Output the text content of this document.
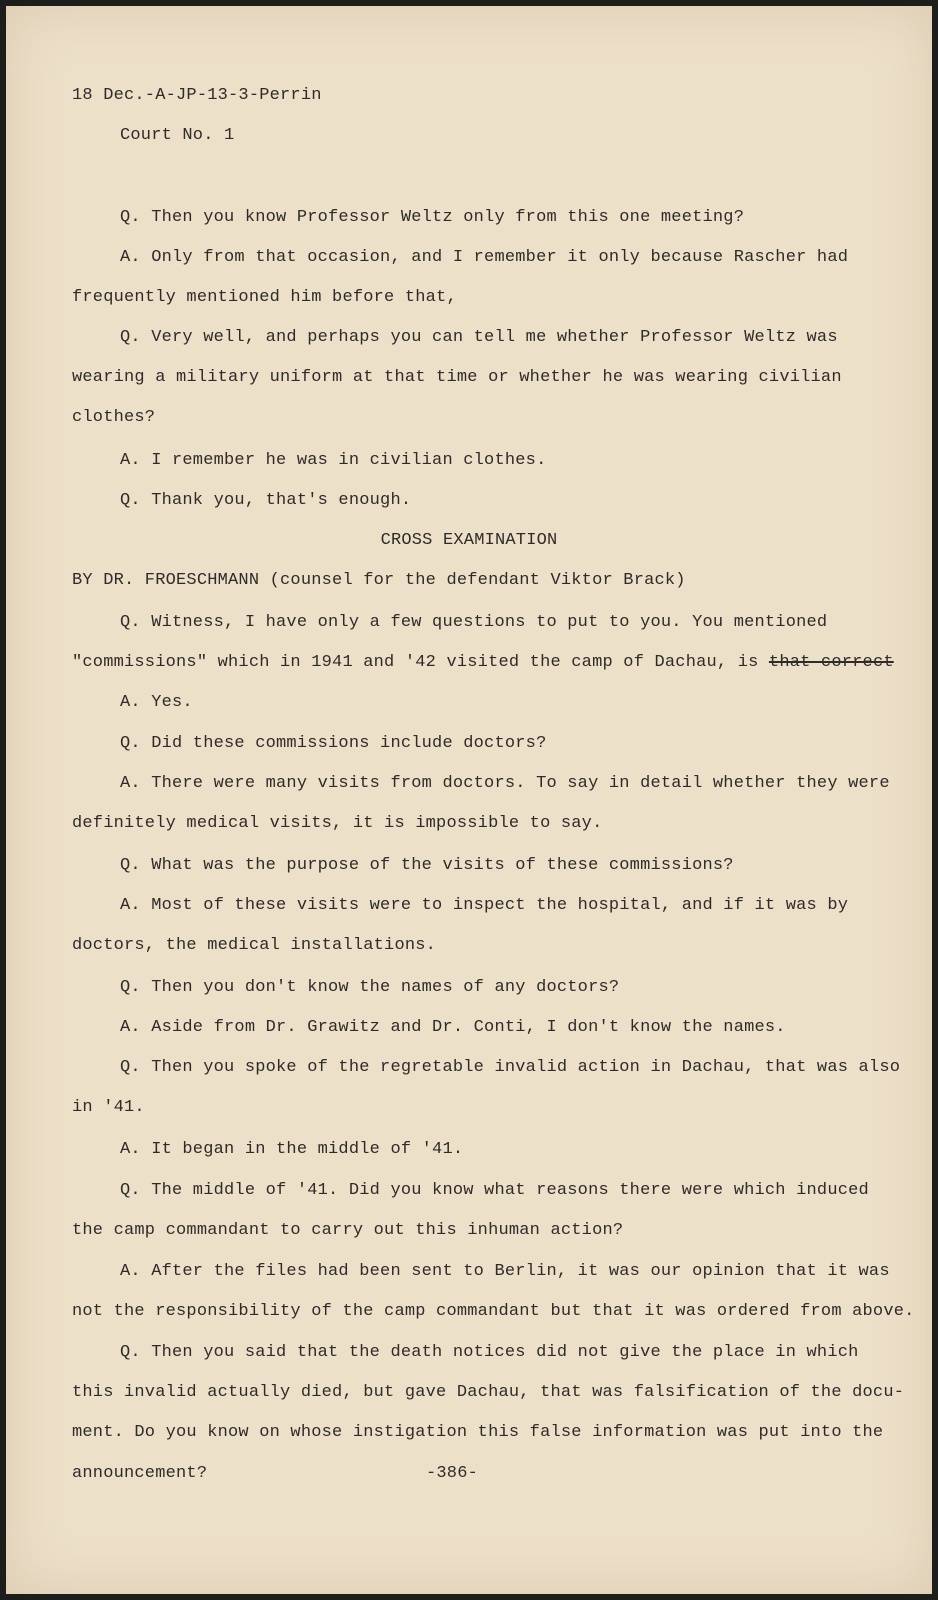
18 Dec.-A-JP-13-3-Perrin
Court No. 1
Q. Then you know Professor Weltz only from this one meeting?
A. Only from that occasion, and I remember it only because Rascher had
frequently mentioned him before that,
Q. Very well, and perhaps you can tell me whether Professor Weltz was
wearing a military uniform at that time or whether he was wearing civilian
clothes?
A. I remember he was in civilian clothes.
Q. Thank you, that's enough.
CROSS EXAMINATION
BY DR. FROESCHMANN (counsel for the defendant Viktor Brack)
Q. Witness, I have only a few questions to put to you. You mentioned
"commissions" which in 1941 and '42 visited the camp of Dachau, is that correct
A. Yes.
Q. Did these commissions include doctors?
A. There were many visits from doctors. To say in detail whether they were
definitely medical visits, it is impossible to say.
Q. What was the purpose of the visits of these commissions?
A. Most of these visits were to inspect the hospital, and if it was by
doctors, the medical installations.
Q. Then you don't know the names of any doctors?
A. Aside from Dr. Grawitz and Dr. Conti, I don't know the names.
Q. Then you spoke of the regretable invalid action in Dachau, that was also
in '41.
A. It began in the middle of '41.
Q. The middle of '41. Did you know what reasons there were which induced
the camp commandant to carry out this inhuman action?
A. After the files had been sent to Berlin, it was our opinion that it was
not the responsibility of the camp commandant but that it was ordered from above.
Q. Then you said that the death notices did not give the place in which
this invalid actually died, but gave Dachau, that was falsification of the docu-
ment. Do you know on whose instigation this false information was put into the
announcement?	-386-
